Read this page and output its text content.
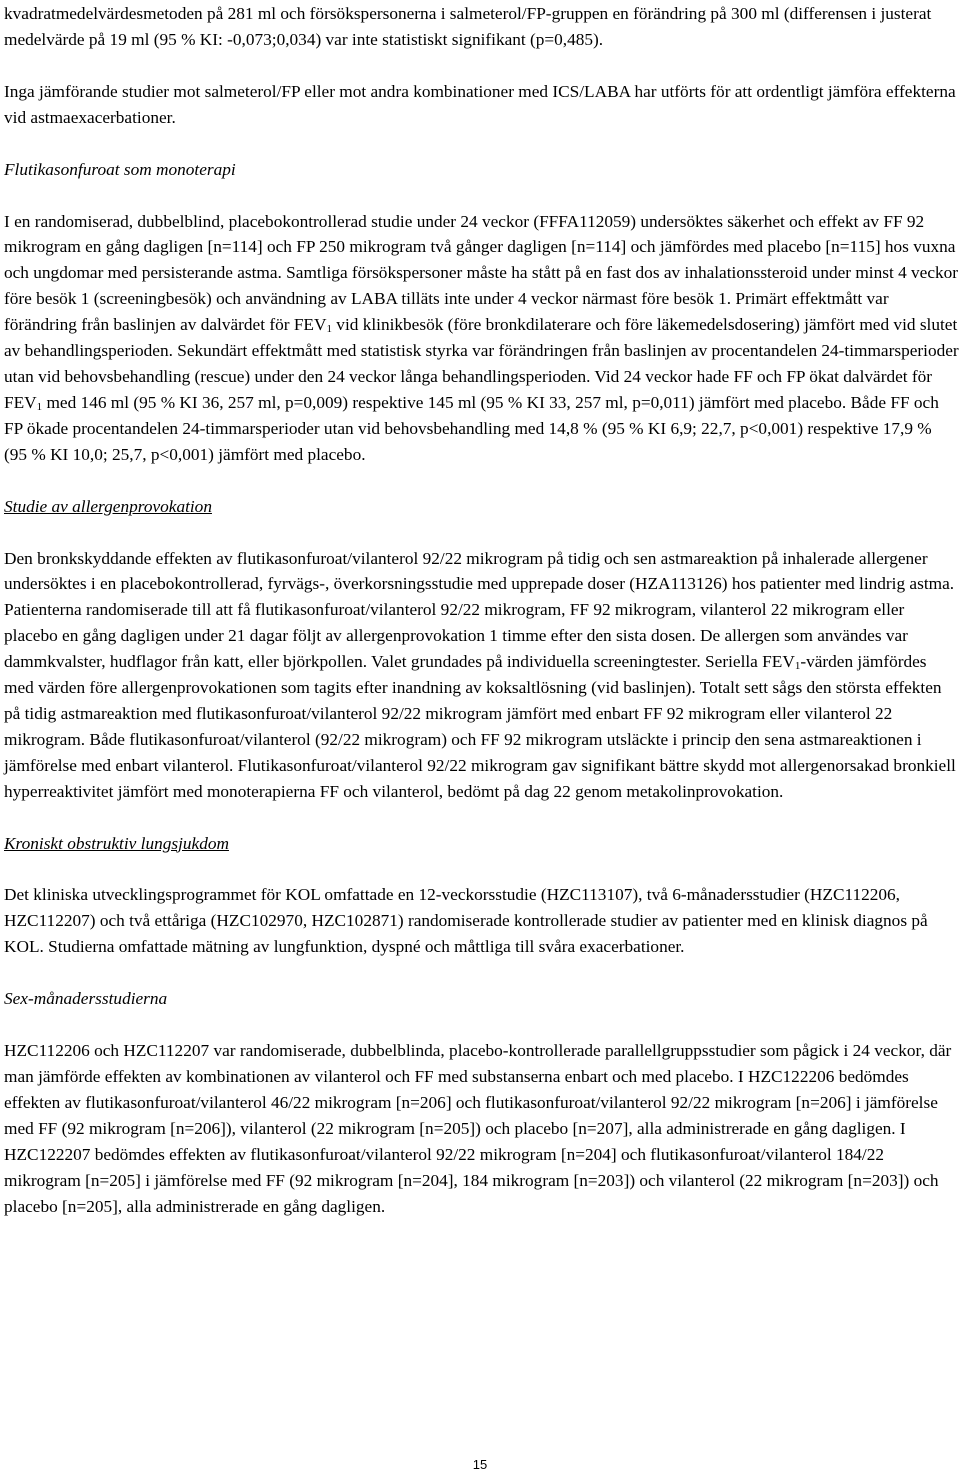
kvadratmedelvärdesmetoden på 281 ml och försökspersonerna i salmeterol/FP-gruppen en förändring på 300 ml (differensen i justerat medelvärde på 19 ml (95 % KI: -0,073;0,034) var inte statistiskt signifikant (p=0,485).

Inga jämförande studier mot salmeterol/FP eller mot andra kombinationer med ICS/LABA har utförts för att ordentligt jämföra effekterna vid astmaexacerbationer.

Flutikasonfuroat som monoterapi

I en randomiserad, dubbelblind, placebokontrollerad studie under 24 veckor (FFFA112059) undersöktes säkerhet och effekt av FF 92 mikrogram en gång dagligen [n=114] och FP 250 mikrogram två gånger dagligen [n=114] och jämfördes med placebo [n=115] hos vuxna och ungdomar med persisterande astma. Samtliga försökspersoner måste ha stått på en fast dos av inhalationssteroid under minst 4 veckor före besök 1 (screeningbesök) och användning av LABA tilläts inte under 4 veckor närmast före besök 1. Primärt effektmått var förändring från baslinjen av dalvärdet för $FEV_1$ vid klinikbesök (före bronkdilaterare och före läkemedelsdosering) jämfört med vid slutet av behandlingsperioden. Sekundärt effektmått med statistisk styrka var förändringen från baslinjen av procentandelen 24-timmarsperioder utan vid behovsbehandling (rescue) under den 24 veckor långa behandlingsperioden. Vid 24 veckor hade FF och FP ökat dalvärdet för $FEV_1$ med 146 ml (95 % KI 36, 257 ml, p=0,009) respektive 145 ml (95 % KI 33, 257 ml, p=0,011) jämfört med placebo. Både FF och FP ökade procentandelen 24-timmarsperioder utan vid behovsbehandling med 14,8 % (95 % KI 6,9; 22,7, p<0,001) respektive 17,9 % (95 % KI 10,0; 25,7, p<0,001) jämfört med placebo.

Studie av allergenprovokation

Den bronkskyddande effekten av flutikasonfuroat/vilanterol 92/22 mikrogram på tidig och sen astmareaktion på inhalerade allergener undersöktes i en placebokontrollerad, fyrvägs-, överkorsningsstudie med upprepade doser (HZA113126) hos patienter med lindrig astma. Patienterna randomiserade till att få flutikasonfuroat/vilanterol 92/22 mikrogram, FF 92 mikrogram, vilanterol 22 mikrogram eller placebo en gång dagligen under 21 dagar följt av allergenprovokation 1 timme efter den sista dosen. De allergen som användes var dammkvalster, hudflagor från katt, eller björkpollen. Valet grundades på individuella screeningtester. Seriella $FEV_1$-värden jämfördes med värden före allergenprovokationen som tagits efter inandning av koksaltlösning (vid baslinjen). Totalt sett sågs den största effekten på tidig astmareaktion med flutikasonfuroat/vilanterol 92/22 mikrogram jämfört med enbart FF 92 mikrogram eller vilanterol 22 mikrogram. Både flutikasonfuroat/vilanterol (92/22 mikrogram) och FF 92 mikrogram utsläckte i princip den sena astmareaktionen i jämförelse med enbart vilanterol. Flutikasonfuroat/vilanterol 92/22 mikrogram gav signifikant bättre skydd mot allergenorsakad bronkiell hyperreaktivitet jämfört med monoterapierna FF och vilanterol, bedömt på dag 22 genom metakolinprovokation.

Kroniskt obstruktiv lungsjukdom

Det kliniska utvecklingsprogrammet för KOL omfattade en 12-veckorsstudie (HZC113107), två 6-månadersstudier (HZC112206, HZC112207) och två ettåriga (HZC102970, HZC102871) randomiserade kontrollerade studier av patienter med en klinisk diagnos på KOL. Studierna omfattade mätning av lungfunktion, dyspné och måttliga till svåra exacerbationer.

Sex-månadersstudierna

HZC112206 och HZC112207 var randomiserade, dubbelblinda, placebo-kontrollerade parallellgruppsstudier som pågick i 24 veckor, där man jämförde effekten av kombinationen av vilanterol och FF med substanserna enbart och med placebo. I HZC122206 bedömdes effekten av flutikasonfuroat/vilanterol 46/22 mikrogram [n=206] och flutikasonfuroat/vilanterol 92/22 mikrogram [n=206] i jämförelse med FF (92 mikrogram [n=206]), vilanterol (22 mikrogram [n=205]) och placebo [n=207], alla administrerade en gång dagligen. I HZC122207 bedömdes effekten av flutikasonfuroat/vilanterol 92/22 mikrogram [n=204] och flutikasonfuroat/vilanterol 184/22 mikrogram [n=205] i jämförelse med FF (92 mikrogram [n=204], 184 mikrogram [n=203]) och vilanterol (22 mikrogram [n=203]) och placebo [n=205], alla administrerade en gång dagligen.

15
